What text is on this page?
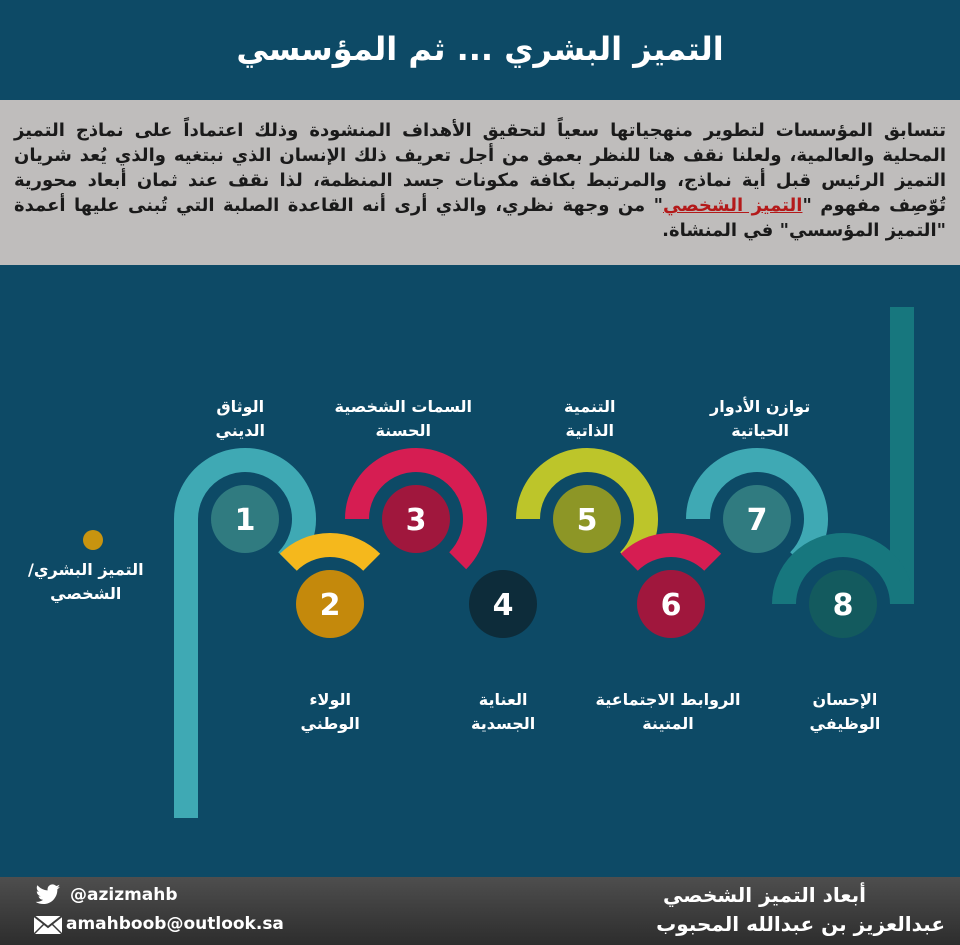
التميز البشري ... ثم المؤسسي
تتسابق المؤسسات لتطوير منهجياتها سعياً لتحقيق الأهداف المنشودة وذلك اعتماداً على نماذج التميز المحلية والعالمية، ولعلنا نقف هنا للنظر بعمق من أجل تعريف ذلك الإنسان الذي نبتغيه والذي يُعد شريان التميز الرئيس قبل أية نماذج، والمرتبط بكافة مكونات جسد المنظمة، لذا نقف عند ثمان أبعاد محورية تُوّصِف مفهوم "التميز الشخصي" من وجهة نظري، والذي أرى أنه القاعدة الصلبة التي تُبنى عليها أعمدة "التميز المؤسسي" في المنشاة.
1
2
3
4
5
6
7
8
@azizmahb
amahboob@outlook.sa
أبعاد التميز الشخصي
عبدالعزيز بن عبدالله المحبوب
الوثاق
الديني
الولاء
الوطني
السمات الشخصية
الحسنة
العناية
الجسدية
التنمية
الذاتية
الروابط الاجتماعية
المتينة
توازن الأدوار
الحياتية
الإحسان
الوظيفي
التميز البشري/
الشخصي
